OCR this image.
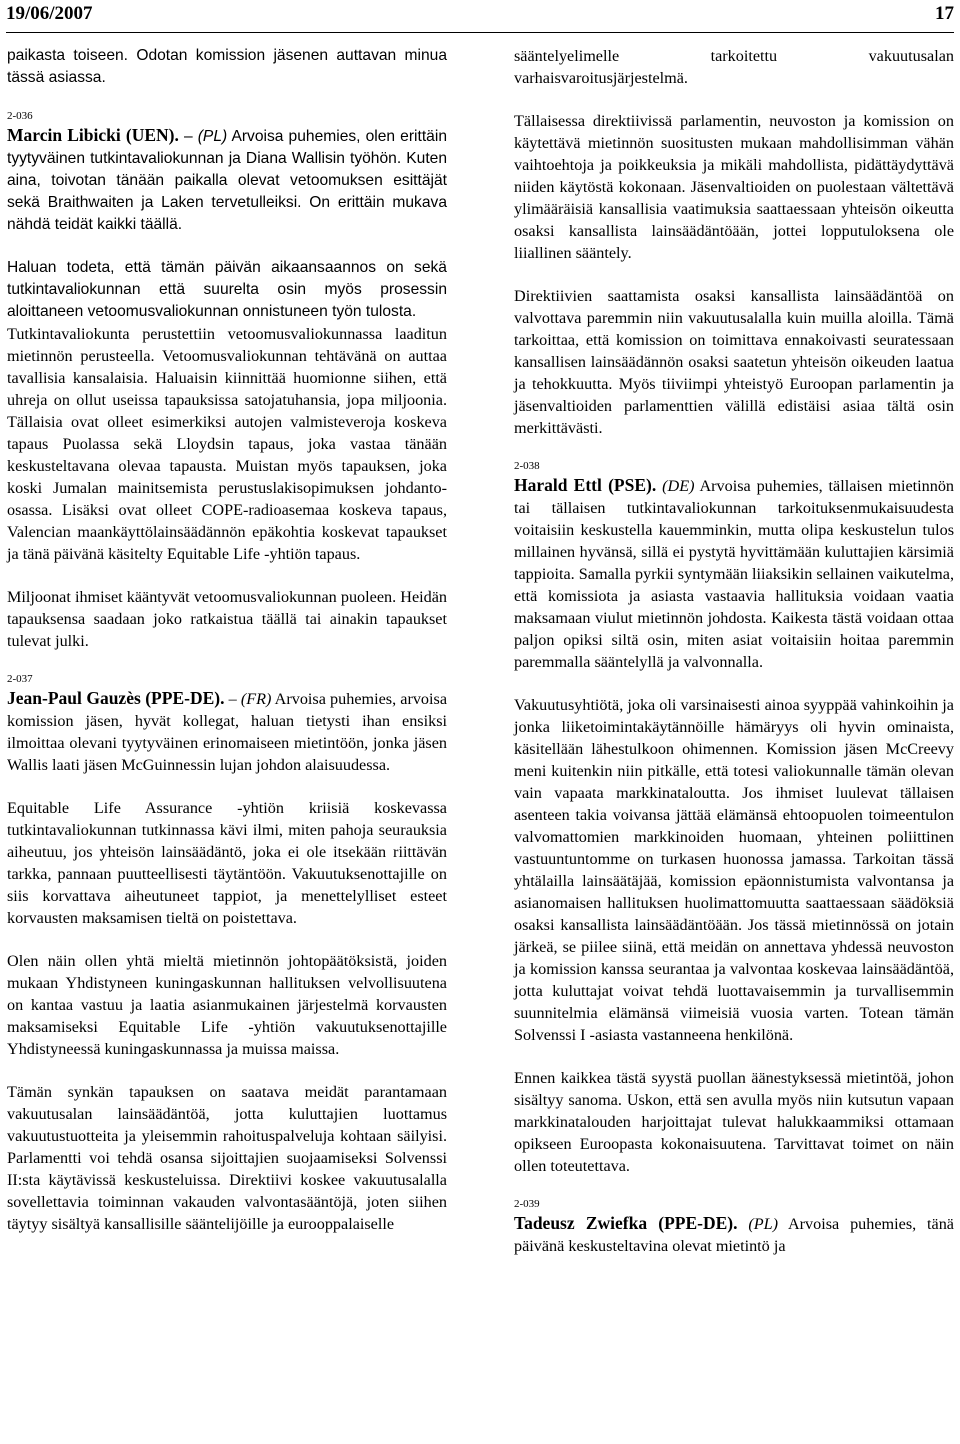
19/06/2007	17

paikasta toiseen. Odotan komission jäsenen auttavan minua tässä asiassa.

2-036

Marcin Libicki (UEN). – (PL) Arvoisa puhemies, olen erittäin tyytyväinen tutkintavaliokunnan ja Diana Wallisin työhön. Kuten aina, toivotan tänään paikalla olevat vetoomuksen esittäjät sekä Braithwaiten ja Laken tervetulleiksi. On erittäin mukava nähdä teidät kaikki täällä.

Haluan todeta, että tämän päivän aikaansaannos on sekä tutkintavaliokunnan että suurelta osin myös prosessin aloittaneen vetoomusvaliokunnan onnistuneen työn tulosta.

Tutkintavaliokunta perustettiin vetoomusvaliokunnassa laaditun mietinnön perusteella. Vetoomusvaliokunnan tehtävänä on auttaa tavallisia kansalaisia. Haluaisin kiinnittää huomionne siihen, että uhreja on ollut useissa tapauksissa satojatuhansia, jopa miljoonia. Tällaisia ovat olleet esimerkiksi autojen valmisteveroja koskeva tapaus Puolassa sekä Lloydsin tapaus, joka vastaa tänään keskusteltavana olevaa tapausta. Muistan myös tapauksen, joka koski Jumalan mainitsemista perustuslakisopimuksen johdanto-osassa. Lisäksi ovat olleet COPE-radioasemaa koskeva tapaus, Valencian maankäyttölainsäädännön epäkohtia koskevat tapaukset ja tänä päivänä käsitelty Equitable Life -yhtiön tapaus.

Miljoonat ihmiset kääntyvät vetoomusvaliokunnan puoleen. Heidän tapauksensa saadaan joko ratkaistua täällä tai ainakin tapaukset tulevat julki.

2-037

Jean-Paul Gauzès (PPE-DE). – (FR) Arvoisa puhemies, arvoisa komission jäsen, hyvät kollegat, haluan tietysti ihan ensiksi ilmoittaa olevani tyytyväinen erinomaiseen mietintöön, jonka jäsen Wallis laati jäsen McGuinnessin lujan johdon alaisuudessa.

Equitable Life Assurance -yhtiön kriisiä koskevassa tutkintavaliokunnan tutkinnassa kävi ilmi, miten pahoja seurauksia aiheutuu, jos yhteisön lainsäädäntö, joka ei ole itsekään riittävän tarkka, pannaan puutteellisesti täytäntöön. Vakuutuksenottajille on siis korvattava aiheutuneet tappiot, ja menettelylliset esteet korvausten maksamisen tieltä on poistettava.

Olen näin ollen yhtä mieltä mietinnön johtopäätöksistä, joiden mukaan Yhdistyneen kuningaskunnan hallituksen velvollisuutena on kantaa vastuu ja laatia asianmukainen järjestelmä korvausten maksamiseksi Equitable Life -yhtiön vakuutuksenottajille Yhdistyneessä kuningaskunnassa ja muissa maissa.

Tämän synkän tapauksen on saatava meidät parantamaan vakuutusalan lainsäädäntöä, jotta kuluttajien luottamus vakuutustuotteita ja yleisemmin rahoituspalveluja kohtaan säilyisi. Parlamentti voi tehdä osansa sijoittajien suojaamiseksi Solvenssi II:sta käytävissä keskusteluissa. Direktiivi koskee vakuutusalalla sovellettavia toiminnan vakauden valvontasääntöjä, joten siihen täytyy sisältyä kansallisille sääntelijöille ja eurooppalaiselle

sääntelyelimelle tarkoitettu vakuutusalan varhaisvaroitusjärjestelmä.

Tällaisessa direktiivissä parlamentin, neuvoston ja komission on käytettävä mietinnön suositusten mukaan mahdollisimman vähän vaihtoehtoja ja poikkeuksia ja mikäli mahdollista, pidättäydyttävä niiden käytöstä kokonaan. Jäsenvaltioiden on puolestaan vältettävä ylimääräisiä kansallisia vaatimuksia saattaessaan yhteisön oikeutta osaksi kansallista lainsäädäntöään, jottei lopputuloksena ole liiallinen sääntely.

Direktiivien saattamista osaksi kansallista lainsäädäntöä on valvottava paremmin niin vakuutusalalla kuin muilla aloilla. Tämä tarkoittaa, että komission on toimittava ennakoivasti seuratessaan kansallisen lainsäädännön osaksi saatetun yhteisön oikeuden laatua ja tehokkuutta. Myös tiiviimpi yhteistyö Euroopan parlamentin ja jäsenvaltioiden parlamenttien välillä edistäisi asiaa tältä osin merkittävästi.

2-038

Harald Ettl (PSE). (DE) Arvoisa puhemies, tällaisen mietinnön tai tällaisen tutkintavaliokunnan tarkoituksenmukaisuudesta voitaisiin keskustella kauemminkin, mutta olipa keskustelun tulos millainen hyvänsä, sillä ei pystytä hyvittämään kuluttajien kärsimiä tappioita. Samalla pyrkii syntymään liiaksikin sellainen vaikutelma, että komissiota ja asiasta vastaavia hallituksia voidaan vaatia maksamaan viulut mietinnön johdosta. Kaikesta tästä voidaan ottaa paljon opiksi siltä osin, miten asiat voitaisiin hoitaa paremmin paremmalla sääntelyllä ja valvonnalla.

Vakuutusyhtiötä, joka oli varsinaisesti ainoa syyppää vahinkoihin ja jonka liiketoimintakäytännöille hämäryys oli hyvin ominaista, käsitellään lähestulkoon ohimennen. Komission jäsen McCreevy meni kuitenkin niin pitkälle, että totesi valiokunnalle tämän olevan vain vapaata markkinataloutta. Jos ihmiset luulevat tällaisen asenteen takia voivansa jättää elämänsä ehtoopuolen toimeentulon valvomattomien markkinoiden huomaan, yhteinen poliittinen vastuuntuntomme on turkasen huonossa jamassa. Tarkoitan tässä yhtälailla lainsäätäjää, komission epäonnistumista valvontansa ja asianomaisen hallituksen huolimattomuutta saattaessaan säädöksiä osaksi kansallista lainsäädäntöään. Jos tässä mietinnössä on jotain järkeä, se piilee siinä, että meidän on annettava yhdessä neuvoston ja komission kanssa seurantaa ja valvontaa koskevaa lainsäädäntöä, jotta kuluttajat voivat tehdä luottavaisemmin ja turvallisemmin suunnitelmia elämänsä viimeisiä vuosia varten. Totean tämän Solvenssi I -asiasta vastanneena henkilönä.

Ennen kaikkea tästä syystä puollan äänestyksessä mietintöä, johon sisältyy sanoma. Uskon, että sen avulla myös niin kutsutun vapaan markkinatalouden harjoittajat tulevat halukkaammiksi ottamaan opikseen Euroopasta kokonaisuutena. Tarvittavat toimet on näin ollen toteutettava.

2-039

Tadeusz Zwiefka (PPE-DE). (PL) Arvoisa puhemies, tänä päivänä keskusteltavina olevat mietintö ja
